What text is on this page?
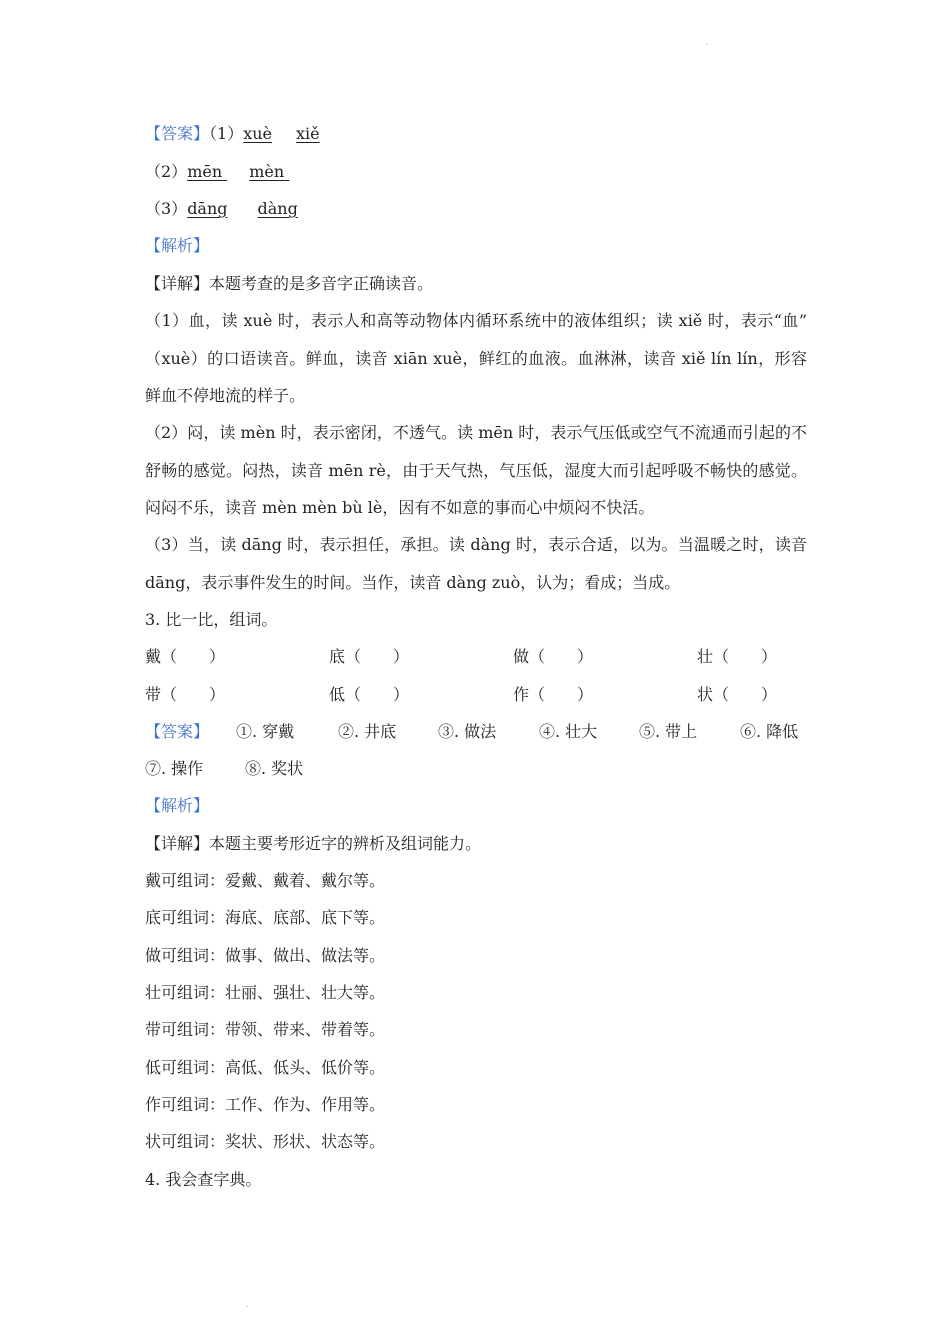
.
【答案】（1）xuè xiě
（2）mēn mèn
（3）dāng dàng
【解析】
【详解】本题考查的是多音字正确读音。
（1）血，读 xuè 时，表示人和高等动物体内循环系统中的液体组织；读 xiě 时，表示“血”
（xuè）的口语读音。鲜血，读音 xiān xuè，鲜红的血液。血淋淋，读音 xiě lín lín，形容
鲜血不停地流的样子。
（2）闷，读 mèn 时，表示密闭，不透气。读 mēn 时，表示气压低或空气不流通而引起的不
舒畅的感觉。闷热，读音 mēn rè，由于天气热，气压低，湿度大而引起呼吸不畅快的感觉。
闷闷不乐，读音 mèn mèn bù lè，因有不如意的事而心中烦闷不快活。
（3）当，读 dāng 时，表示担任，承担。读 dàng 时，表示合适，以为。当温暖之时，读音
dāng，表示事件发生的时间。当作，读音 dàng zuò，认为；看成；当成。
3. 比一比，组词。
戴（　　）	底（　　）	做（　　）	壮（　　）
带（　　）	低（　　）	作（　　）	状（　　）
【答案】 ①. 穿戴	②. 井底	③. 做法	④. 壮大	⑤. 带上	⑥. 降低
⑦. 操作	⑧. 奖状
【解析】
【详解】本题主要考形近字的辨析及组词能力。
戴可组词：爱戴、戴着、戴尔等。
底可组词：海底、底部、底下等。
做可组词：做事、做出、做法等。
壮可组词：壮丽、强壮、壮大等。
带可组词：带领、带来、带着等。
低可组词：高低、低头、低价等。
作可组词：工作、作为、作用等。
状可组词：奖状、形状、状态等。
4. 我会查字典。
.
